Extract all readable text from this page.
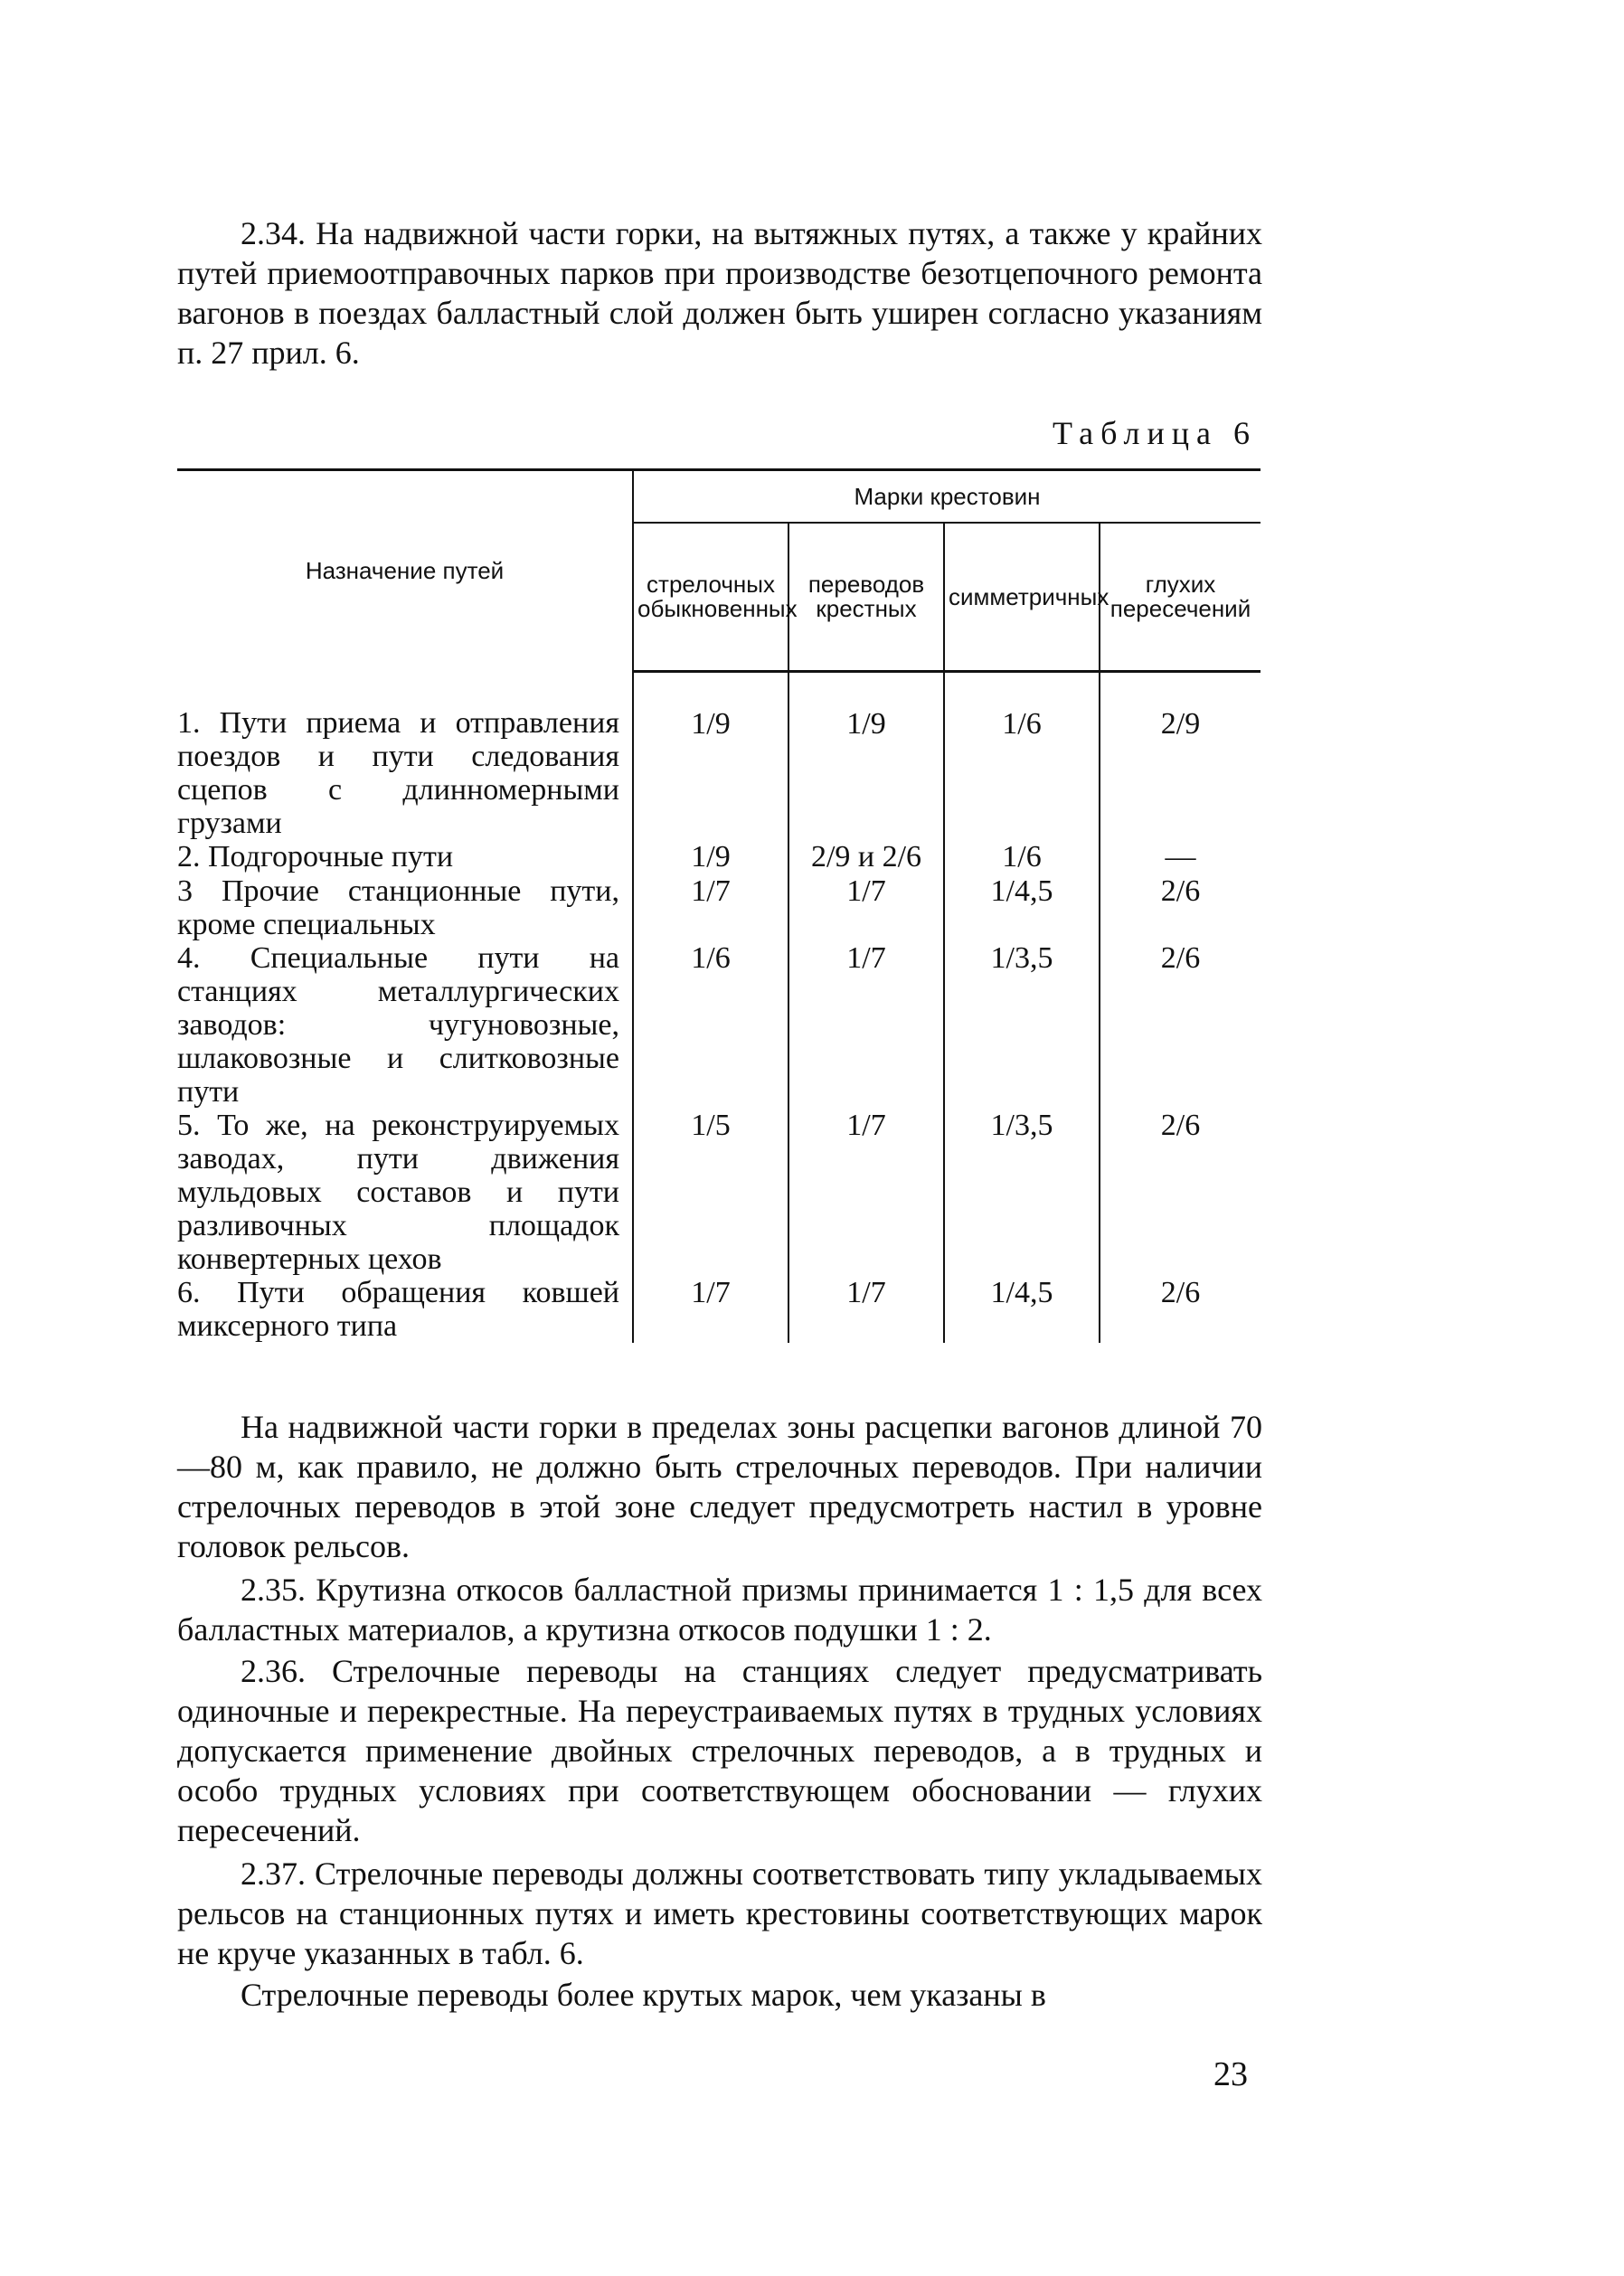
2.34. На надвижной части горки, на вытяжных путях, а также у крайних путей приемоотправочных парков при производстве безотцепочного ремонта вагонов в поездах балластный слой должен быть уширен согласно указаниям п. 27 прил. 6.

Таблица 6
Назначение путей	Марки крестовин			
	стрелочных обыкновенных	переводов крестных	симметричных	глухих пересечений
1. Пути приема и отправления поездов и пути следования сцепов с длинномерными грузами	1/9	1/9	1/6	2/9
2. Подгорочные пути	1/9	2/9 и 2/6	1/6	—
3 Прочие станционные пути, кроме специальных	1/7	1/7	1/4,5	2/6
4. Специальные пути на станциях металлургических заводов: чугуновозные, шлаковозные и слитковозные пути	1/6	1/7	1/3,5	2/6
5. То же, на реконструируемых заводах, пути движения мульдовых составов и пути разливочных площадок конвертерных цехов	1/5	1/7	1/3,5	2/6
6. Пути обращения ковшей миксерного типа	1/7	1/7	1/4,5	2/6

На надвижной части горки в пределах зоны расцепки вагонов длиной 70—80 м, как правило, не должно быть стрелочных переводов. При наличии стрелочных переводов в этой зоне следует предусмотреть настил в уровне головок рельсов.

2.35. Крутизна откосов балластной призмы принимается 1 : 1,5 для всех балластных материалов, а крутизна откосов подушки 1 : 2.

2.36. Стрелочные переводы на станциях следует предусматривать одиночные и перекрестные. На переустраиваемых путях в трудных условиях допускается применение двойных стрелочных переводов, а в трудных и особо трудных условиях при соответствующем обосновании — глухих пересечений.

2.37. Стрелочные переводы должны соответствовать типу укладываемых рельсов на станционных путях и иметь крестовины соответствующих марок не круче указанных в табл. 6.

Стрелочные переводы более крутых марок, чем указаны в

23
